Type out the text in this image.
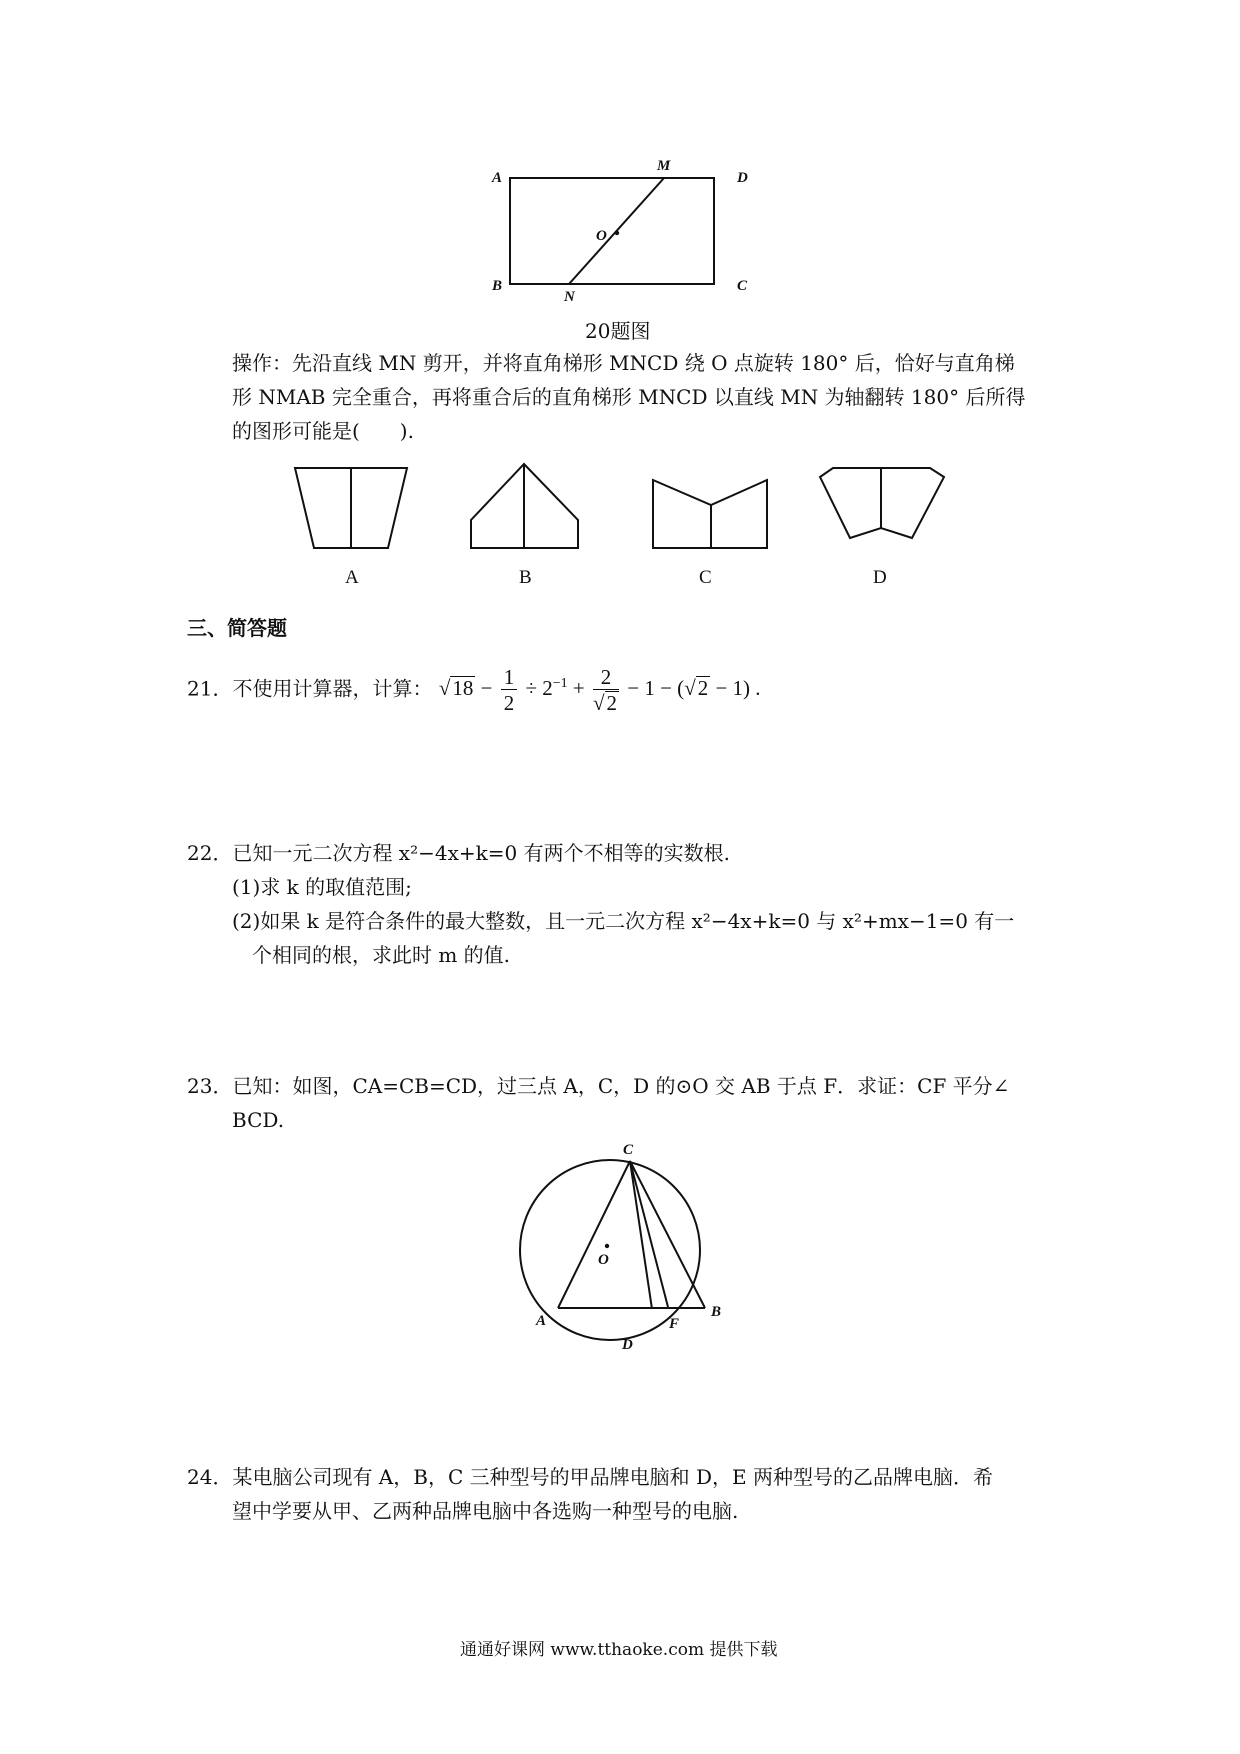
A
M
D
O
B
N
C
20题图
操作：先沿直线 MN 剪开，并将直角梯形 MNCD 绕 O 点旋转 180° 后，恰好与直角梯
形 NMAB 完全重合，再将重合后的直角梯形 MNCD 以直线 MN 为轴翻转 180° 后所得
的图形可能是(　　).
A	B	C	D
三、简答题
21．不使用计算器，计算： $√18 - \frac{1}{2} \div 2^{-1} + \frac{2}{√2} - 1 - (√2 - 1)$ .
22．已知一元二次方程 x²−4x+k=0 有两个不相等的实数根.
(1)求 k 的取值范围;
(2)如果 k 是符合条件的最大整数，且一元二次方程 x²−4x+k=0 与 x²+mx−1=0 有一
个相同的根，求此时 m 的值.
23．已知：如图，CA=CB=CD，过三点 A，C，D 的⊙O 交 AB 于点 F．求证：CF 平分∠
BCD.
C
O
A
D
F
B
24．某电脑公司现有 A，B，C 三种型号的甲品牌电脑和 D，E 两种型号的乙品牌电脑．希
望中学要从甲、乙两种品牌电脑中各选购一种型号的电脑.
通通好课网 www.tthaoke.com 提供下载
